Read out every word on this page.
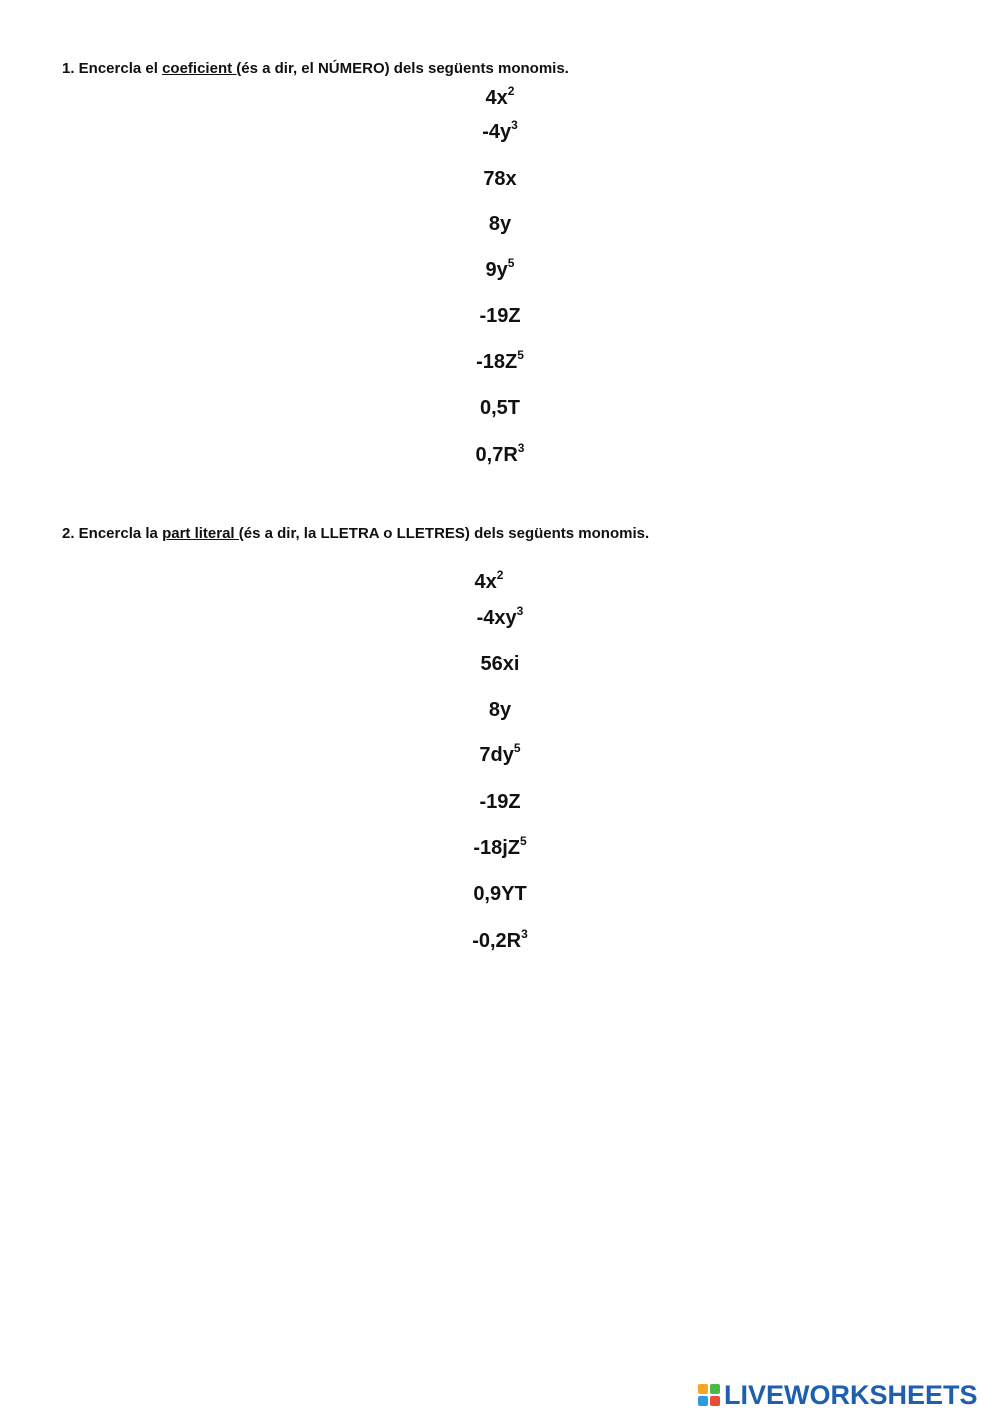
1. Encercla el coeficient (és a dir, el NÚMERO) dels següents monomis.

$4x^2$
$-4y^3$
78x
8y
$9y^5$
-19Z
$-18Z^5$
0,5T
$0,7R^3$

2. Encercla la part literal (és a dir, la LLETRA o LLETRES) dels següents monomis.

$4x^2$
$-4xy^3$
56xi
8y
$7dy^5$
-19Z
$-18jZ^5$
0,9YT
$-0,2R^3$
LIVEWORKSHEETS
